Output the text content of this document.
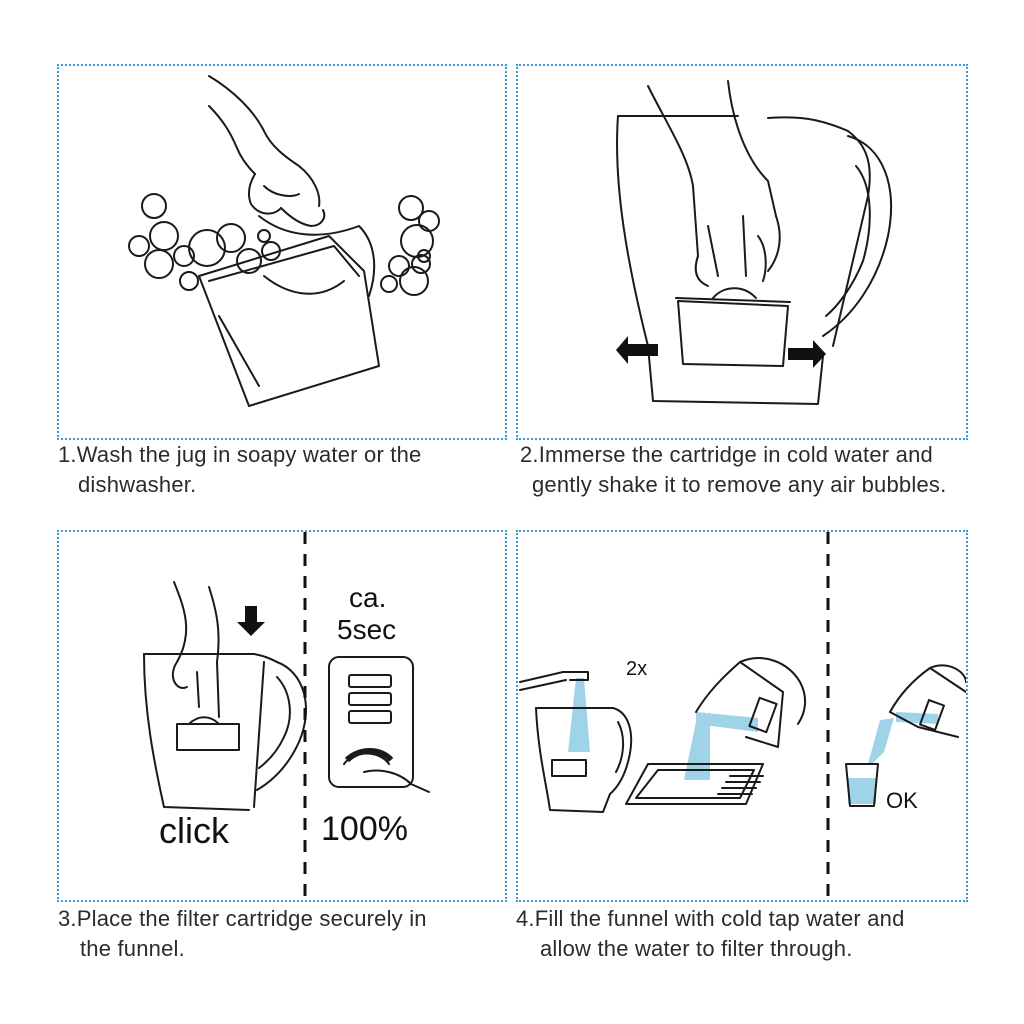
1.Wash the jug in soapy water or the
dishwasher.
2.Immerse the cartridge in cold water and
gently shake it to remove any air bubbles.
click
ca.
5sec
100%
2x
OK
3.Place the filter cartridge securely in
the funnel.
4.Fill the funnel with cold tap water and
allow the water to filter through.
